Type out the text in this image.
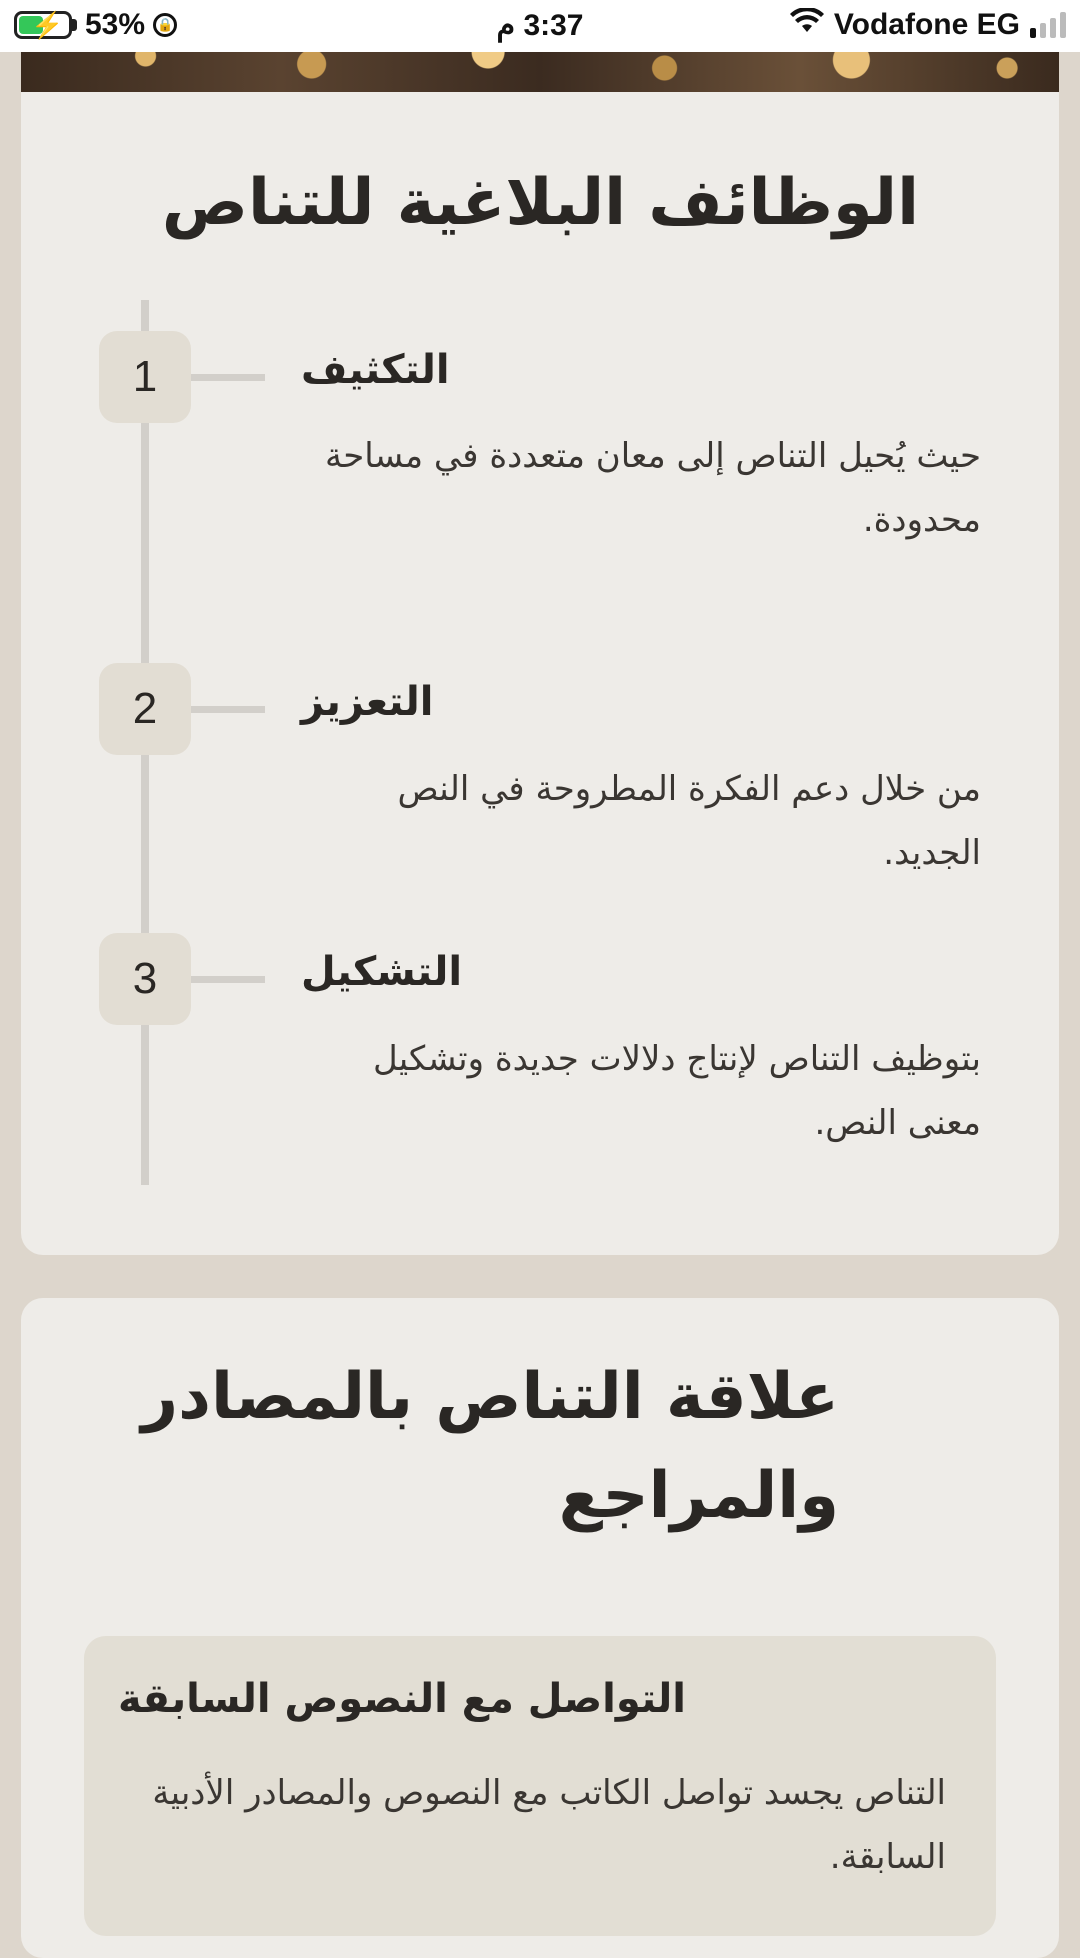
⚡ 53% 🔒	3:37 م	Vodafone EG
الوظائف البلاغية للتناص
1	التكثيف
حيث يُحيل التناص إلى معان متعددة في مساحة محدودة.
2	التعزيز
من خلال دعم الفكرة المطروحة في النص الجديد.
3	التشكيل
بتوظيف التناص لإنتاج دلالات جديدة وتشكيل معنى النص.
علاقة التناص بالمصادر والمراجع
التواصل مع النصوص السابقة
التناص يجسد تواصل الكاتب مع النصوص والمصادر الأدبية السابقة.
